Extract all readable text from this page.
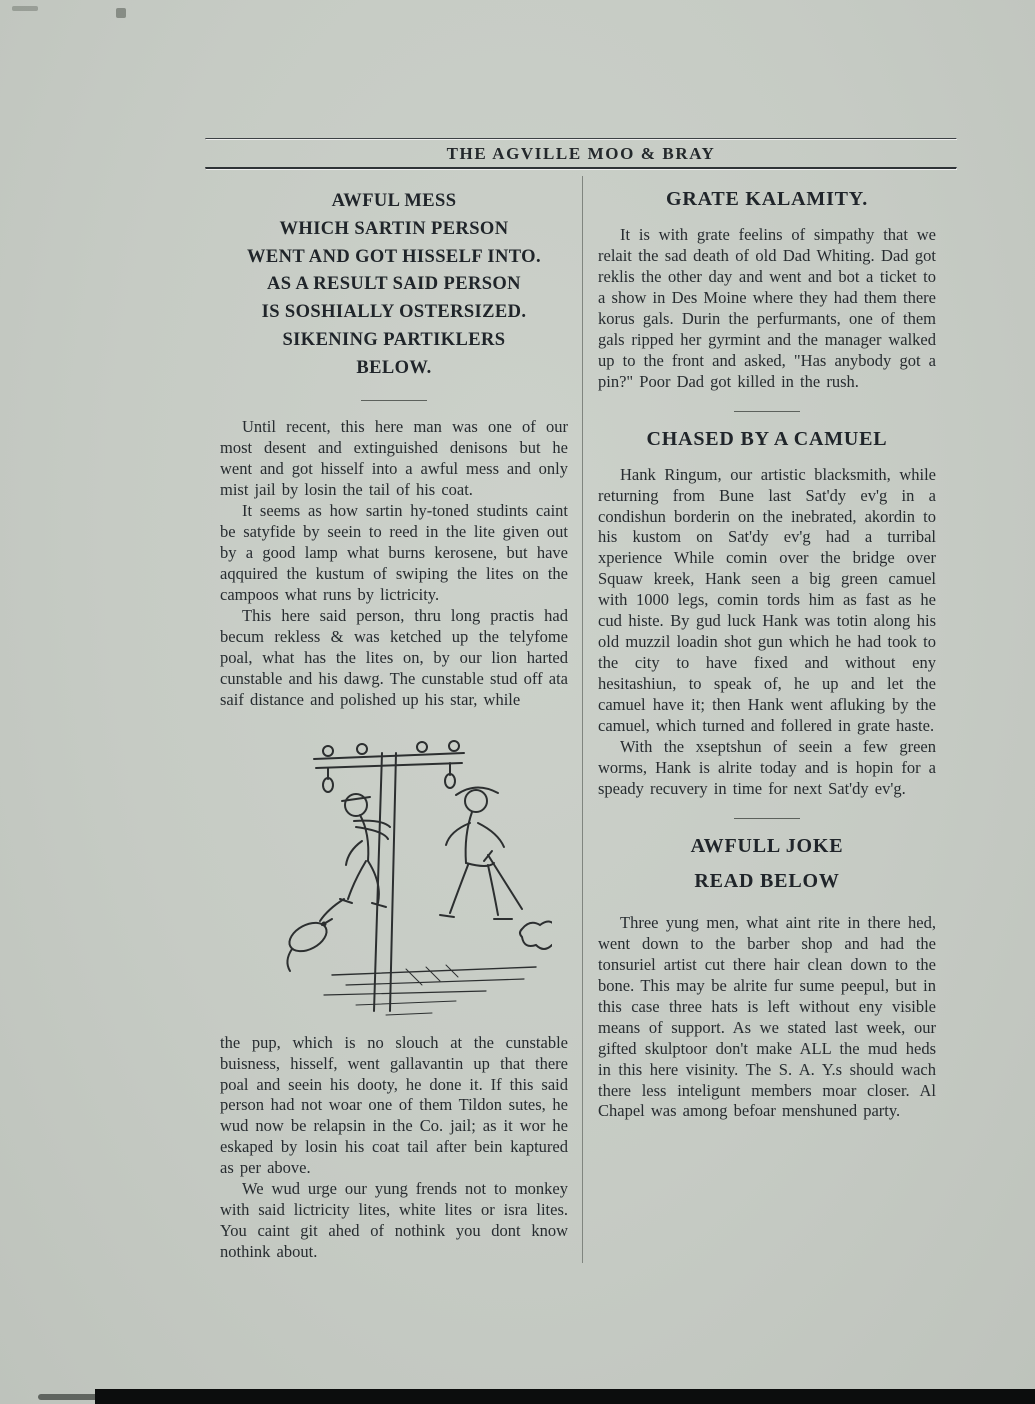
THE AGVILLE MOO & BRAY
AWFUL MESS
WHICH SARTIN PERSON
WENT AND GOT HISSELF INTO.
AS A RESULT SAID PERSON
IS SOSHIALLY OSTERSIZED.
SIKENING PARTIKLERS
BELOW.

Until recent, this here man was one of our most desent and extinguished denisons but he went and got hisself into a awful mess and only mist jail by losin the tail of his coat.

It seems as how sartin hy-toned studints caint be satyfide by seein to reed in the lite given out by a good lamp what burns kerosene, but have aqquired the kustum of swiping the lites on the campoos what runs by lictricity.

This here said person, thru long practis had becum rekless & was ketched up the telyfome poal, what has the lites on, by our lion harted cunstable and his dawg. The cunstable stud off ata saif distance and polished up his star, while

the pup, which is no slouch at the cunstable buisness, hisself, went gallavantin up that there poal and seein his dooty, he done it. If this said person had not woar one of them Tildon sutes, he wud now be relapsin in the Co. jail; as it wor he eskaped by losin his coat tail after bein kaptured as per above.

We wud urge our yung frends not to monkey with said lictricity lites, white lites or isra lites. You caint git ahed of nothink you dont know nothink about.

GRATE KALAMITY.

It is with grate feelins of simpathy that we relait the sad death of old Dad Whiting. Dad got reklis the other day and went and bot a ticket to a show in Des Moine where they had them there korus gals. Durin the perfurmants, one of them gals ripped her gyrmint and the manager walked up to the front and asked, "Has anybody got a pin?" Poor Dad got killed in the rush.

CHASED BY A CAMUEL

Hank Ringum, our artistic blacksmith, while returning from Bune last Sat'dy ev'g in a condishun borderin on the inebrated, akordin to his kustom on Sat'dy ev'g had a turribal xperience While comin over the bridge over Squaw kreek, Hank seen a big green camuel with 1000 legs, comin tords him as fast as he cud histe. By gud luck Hank was totin along his old muzzil loadin shot gun which he had took to the city to have fixed and without eny hesitashiun, to speak of, he up and let the camuel have it; then Hank went afluking by the camuel, which turned and follered in grate haste.

With the xseptshun of seein a few green worms, Hank is alrite today and is hopin for a speady recuvery in time for next Sat'dy ev'g.

AWFULL JOKE
READ BELOW

Three yung men, what aint rite in there hed, went down to the barber shop and had the tonsuriel artist cut there hair clean down to the bone. This may be alrite fur sume peepul, but in this case three hats is left without eny visible means of support. As we stated last week, our gifted skulptoor don't make ALL the mud heds in this here visinity. The S. A. Y.s should wach there less inteligunt members moar closer. Al Chapel was among befoar menshuned party.
